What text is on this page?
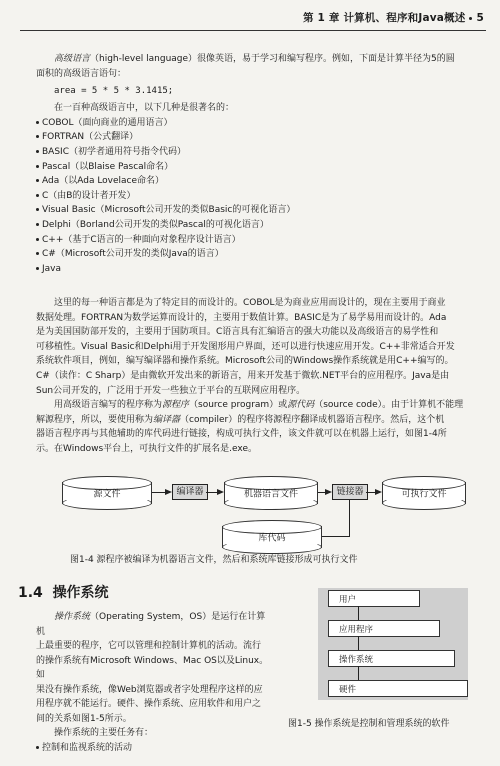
第 1 章 计算机、程序和Java概述 5

高级语言（high-level language）很像英语，易于学习和编写程序。例如，下面是计算半径为5的圆

面积的高级语言语句：

area = 5 * 5 * 3.1415;

在一百种高级语言中，以下几种是很著名的：

COBOL（面向商业的通用语言）

FORTRAN（公式翻译）

BASIC（初学者通用符号指令代码）

Pascal（以Blaise Pascal命名）

Ada（以Ada Lovelace命名）

C（由B的设计者开发）

Visual Basic（Microsoft公司开发的类似Basic的可视化语言）

Delphi（Borland公司开发的类似Pascal的可视化语言）

C++（基于C语言的一种面向对象程序设计语言）

C#（Microsoft公司开发的类似Java的语言）

Java

这里的每一种语言都是为了特定目的而设计的。COBOL是为商业应用而设计的，现在主要用于商业

数据处理。FORTRAN为数学运算而设计的，主要用于数值计算。BASIC是为了易学易用而设计的。Ada

是为美国国防部开发的，主要用于国防项目。C语言具有汇编语言的强大功能以及高级语言的易学性和

可移植性。Visual Basic和Delphi用于开发图形用户界面，还可以进行快速应用开发。C++非常适合开发

系统软件项目，例如，编写编译器和操作系统。Microsoft公司的Windows操作系统就是用C++编写的。

C#（读作：C Sharp）是由微软开发出来的新语言，用来开发基于微软.NET平台的应用程序。Java是由

Sun公司开发的，广泛用于开发一些独立于平台的互联网应用程序。

用高级语言编写的程序称为源程序（source program）或源代码（source code）。由于计算机不能理

解源程序，所以，要使用称为编译器（compiler）的程序将源程序翻译成机器语言程序。然后，这个机

器语言程序再与其他辅助的库代码进行链接，构成可执行文件，该文件就可以在机器上运行，如图1-4所

示。在Windows平台上，可执行文件的扩展名是.exe。

源文件	编译器	机器语言文件	链接器	可执行文件
库代码
图1-4 源程序被编译为机器语言文件，然后和系统库链接形成可执行文件
1.4 操作系统

操作系统（Operating System，OS）是运行在计算机

上最重要的程序，它可以管理和控制计算机的活动。流行

的操作系统有Microsoft Windows、Mac OS以及Linux。如

果没有操作系统，像Web浏览器或者字处理程序这样的应

用程序就不能运行。硬件、操作系统、应用软件和用户之

间的关系如图1-5所示。

操作系统的主要任务有：

控制和监视系统的活动

用户
应用程序
操作系统
硬件
图1-5 操作系统是控制和管理系统的软件
